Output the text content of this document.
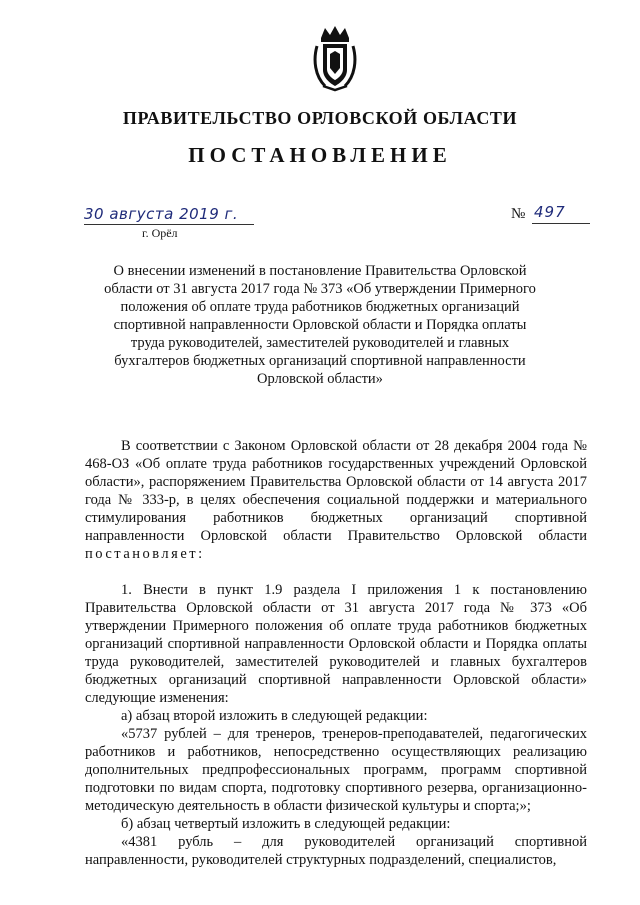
ПРАВИТЕЛЬСТВО ОРЛОВСКОЙ ОБЛАСТИ
ПОСТАНОВЛЕНИЕ
30 августа 2019 г.
г. Орёл
№ 497
О внесении изменений в постановление Правительства Орловской области от 31 августа 2017 года № 373 «Об утверждении Примерного положения об оплате труда работников бюджетных организаций спортивной направленности Орловской области и Порядка оплаты труда руководителей, заместителей руководителей и главных бухгалтеров бюджетных организаций спортивной направленности Орловской области»

В соответствии с Законом Орловской области от 28 декабря 2004 года № 468-ОЗ «Об оплате труда работников государственных учреждений Орловской области», распоряжением Правительства Орловской области от 14 августа 2017 года № 333-р, в целях обеспечения социальной поддержки и материального стимулирования работников бюджетных организаций спортивной направленности Орловской области Правительство Орловской области постановляет:

1. Внести в пункт 1.9 раздела I приложения 1 к постановлению Правительства Орловской области от 31 августа 2017 года № 373 «Об утверждении Примерного положения об оплате труда работников бюджетных организаций спортивной направленности Орловской области и Порядка оплаты труда руководителей, заместителей руководителей и главных бухгалтеров бюджетных организаций спортивной направленности Орловской области» следующие изменения:

а) абзац второй изложить в следующей редакции:

«5737 рублей – для тренеров, тренеров-преподавателей, педагогических работников и работников, непосредственно осуществляющих реализацию дополнительных предпрофессиональных программ, программ спортивной подготовки по видам спорта, подготовку спортивного резерва, организационно-методическую деятельность в области физической культуры и спорта;»;

б) абзац четвертый изложить в следующей редакции:

«4381 рубль – для руководителей организаций спортивной направленности, руководителей структурных подразделений, специалистов,
